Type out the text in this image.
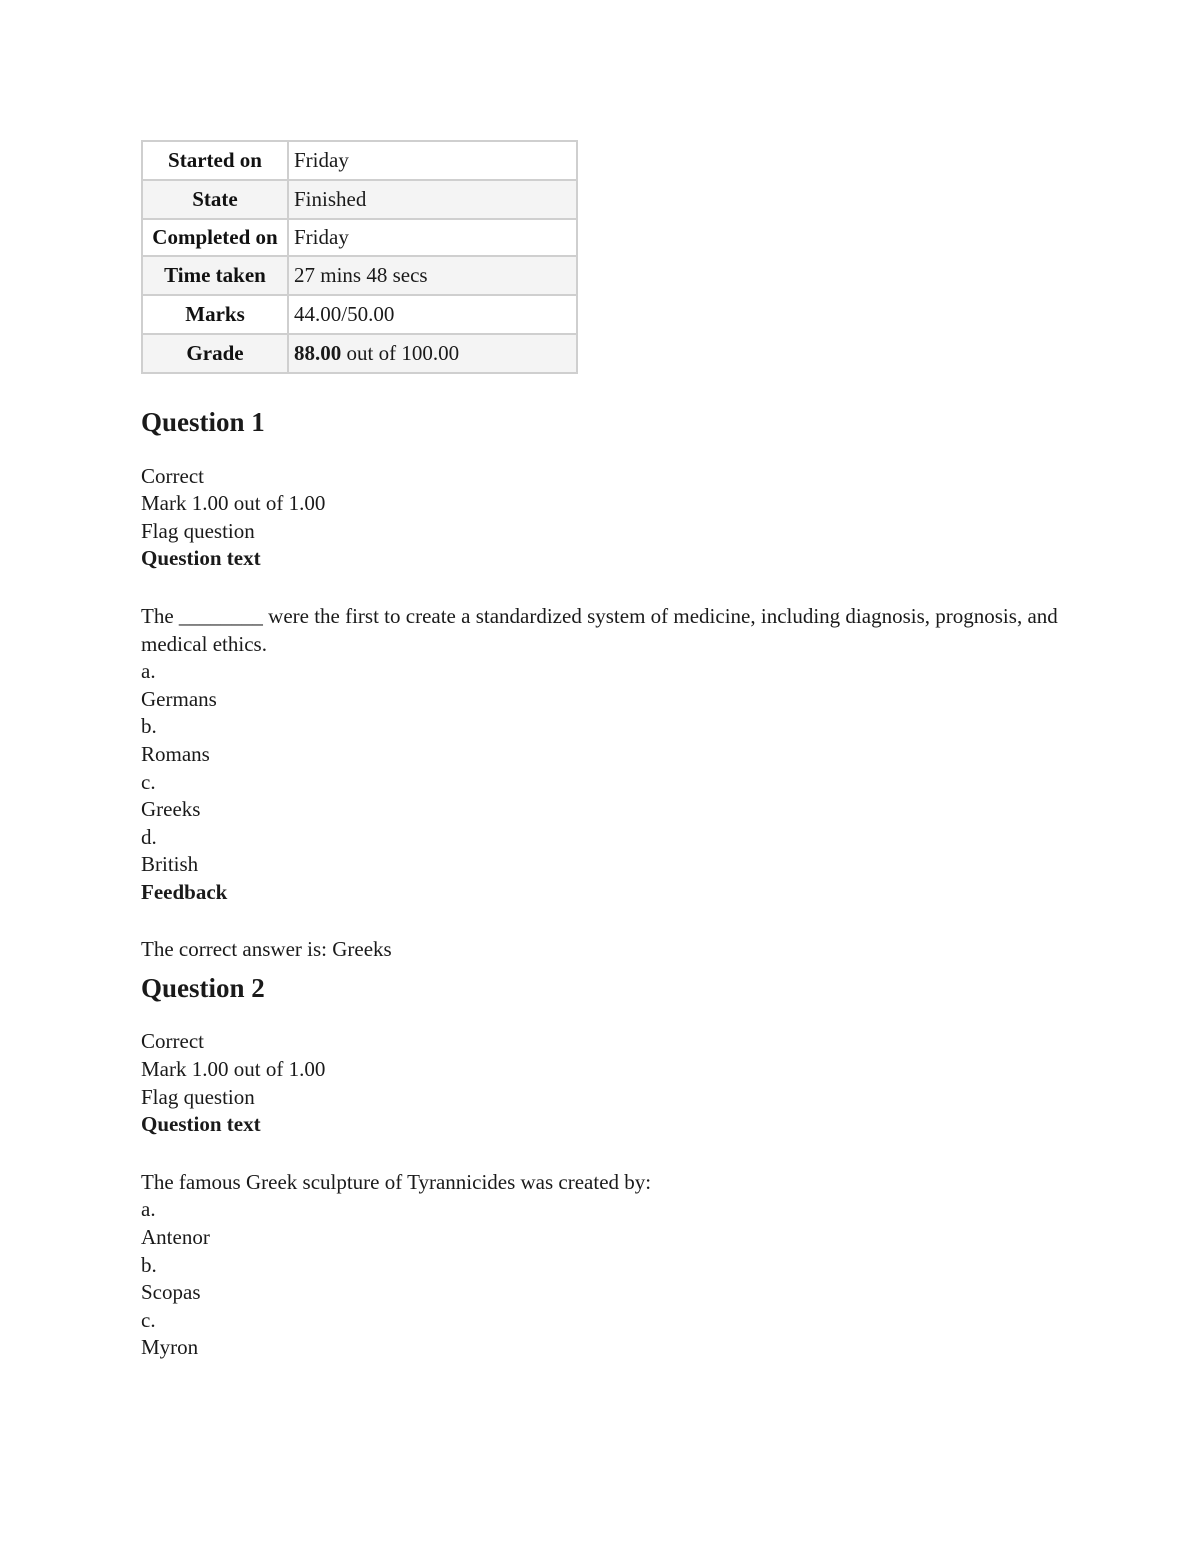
Started on	Friday
State	Finished
Completed on	Friday
Time taken	27 mins 48 secs
Marks	44.00/50.00
Grade	88.00 out of 100.00
Question 1

Correct

Mark 1.00 out of 1.00

Flag question

Question text

The ________ were the first to create a standardized system of medicine, including diagnosis, prognosis, and medical ethics.

a.

Germans

b.

Romans

c.

Greeks

d.

British

Feedback

The correct answer is: Greeks

Question 2

Correct

Mark 1.00 out of 1.00

Flag question

Question text

The famous Greek sculpture of Tyrannicides was created by:

a.

Antenor

b.

Scopas

c.

Myron
